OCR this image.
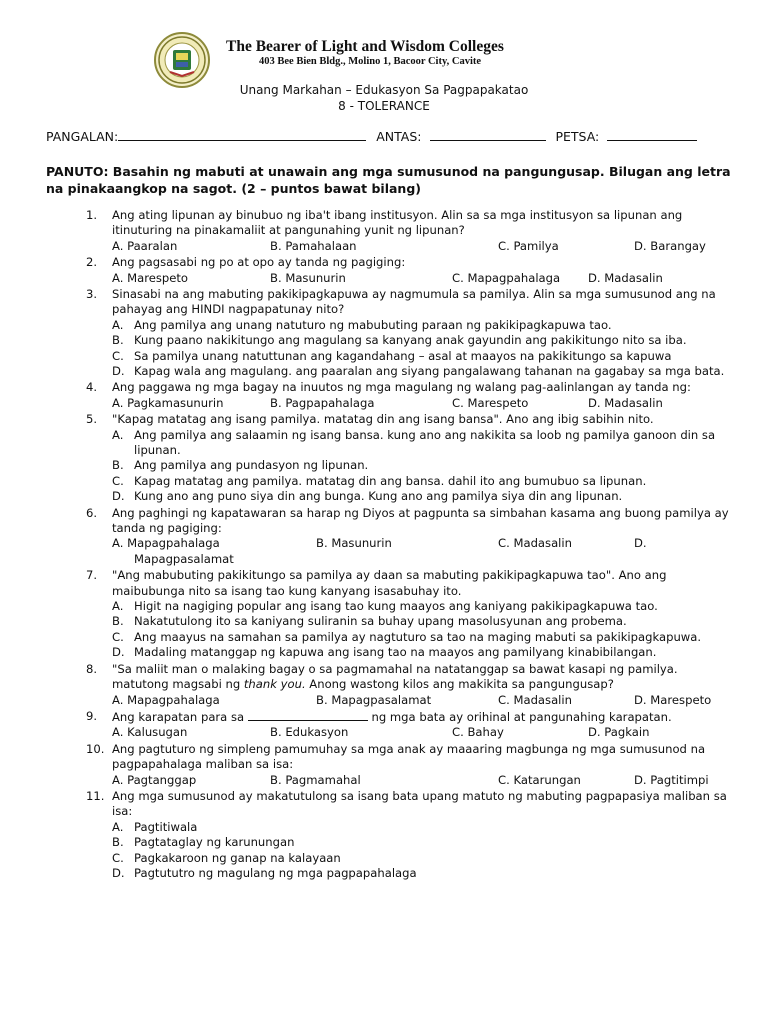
The Bearer of Light and Wisdom Colleges
403 Bee Bien Bldg., Molino 1, Bacoor City, Cavite
Unang Markahan – Edukasyon Sa Pagpapakatao
8 - TOLERANCE
PANGALAN:	ANTAS:	PETSA:
PANUTO: Basahin ng mabuti at unawain ang mga sumusunod na pangungusap. Bilugan ang letra na pinakaangkop na sagot. (2 – puntos bawat bilang)
1.	Ang ating lipunan ay binubuo ng iba't ibang institusyon. Alin sa sa mga institusyon sa lipunan ang itinuturing na pinakamaliit at pangunahing yunit ng lipunan?
A. Paaralan	B. Pamahalaan	C. Pamilya	D. Barangay
2.	Ang pagsasabi ng po at opo ay tanda ng pagiging:
A. Marespeto	B. Masunurin	C. Mapagpahalaga D. Madasalin
3.	Sinasabi na ang mabuting pakikipagkapuwa ay nagmumula sa pamilya. Alin sa mga sumusunod ang na pahayag ang HINDI nagpapatunay nito?
A. Ang pamilya ang unang natuturo ng mabubuting paraan ng pakikipagkapuwa tao.
B. Kung paano nakikitungo ang magulang sa kanyang anak gayundin ang pakikitungo nito sa iba.
C. Sa pamilya unang natuttunan ang kagandahang – asal at maayos na pakikitungo sa kapuwa
D. Kapag wala ang magulang. ang paaralan ang siyang pangalawang tahanan na gagabay sa mga bata.
4.	Ang paggawa ng mga bagay na inuutos ng mga magulang ng walang pag-aalinlangan ay tanda ng:
A. Pagkamasunurin	B. Pagpapahalaga	C. Marespeto	D. Madasalin
5.	"Kapag matatag ang isang pamilya. matatag din ang isang bansa". Ano ang ibig sabihin nito.
A. Ang pamilya ang salaamin ng isang bansa. kung ano ang nakikita sa loob ng pamilya ganoon din sa lipunan.
B. Ang pamilya ang pundasyon ng lipunan.
C. Kapag matatag ang pamilya. matatag din ang bansa. dahil ito ang bumubuo sa lipunan.
D. Kung ano ang puno siya din ang bunga. Kung ano ang pamilya siya din ang lipunan.
6.	Ang paghingi ng kapatawaran sa harap ng Diyos at pagpunta sa simbahan kasama ang buong pamilya ay tanda ng pagiging:
A. Mapagpahalaga	B. Masunurin	C. Madasalin	D.
Mapagpasalamat
7.	"Ang mabubuting pakikitungo sa pamilya ay daan sa mabuting pakikipagkapuwa tao". Ano ang maibubunga nito sa isang tao kung kanyang isasabuhay ito.
A. Higit na nagiging popular ang isang tao kung maayos ang kaniyang pakikipagkapuwa tao.
B. Nakatutulong ito sa kaniyang suliranin sa buhay upang masolusyunan ang probema.
C. Ang maayus na samahan sa pamilya ay nagtuturo sa tao na maging mabuti sa pakikipagkapuwa.
D. Madaling matanggap ng kapuwa ang isang tao na maayos ang pamilyang kinabibilangan.
8.	"Sa maliit man o malaking bagay o sa pagmamahal na natatanggap sa bawat kasapi ng pamilya. matutong magsabi ng thank you. Anong wastong kilos ang makikita sa pangungusap?
A. Mapagpahalaga	B. Mapagpasalamat	C. Madasalin	D. Marespeto
9.	Ang karapatan para sa	ng mga bata ay orihinal at pangunahing karapatan.
A. Kalusugan	B. Edukasyon	C. Bahay	D. Pagkain
10. Ang pagtuturo ng simpleng pamumuhay sa mga anak ay maaaring magbunga ng mga sumusunod na pagpapahalaga maliban sa isa:
A. Pagtanggap	B. Pagmamahal	C. Katarungan	D. Pagtitimpi
11. Ang mga sumusunod ay makatutulong sa isang bata upang matuto ng mabuting pagpapasiya maliban sa isa:
A. Pagtitiwala
B. Pagtataglay ng karunungan
C. Pagkakaroon ng ganap na kalayaan
D. Pagtututro ng magulang ng mga pagpapahalaga
